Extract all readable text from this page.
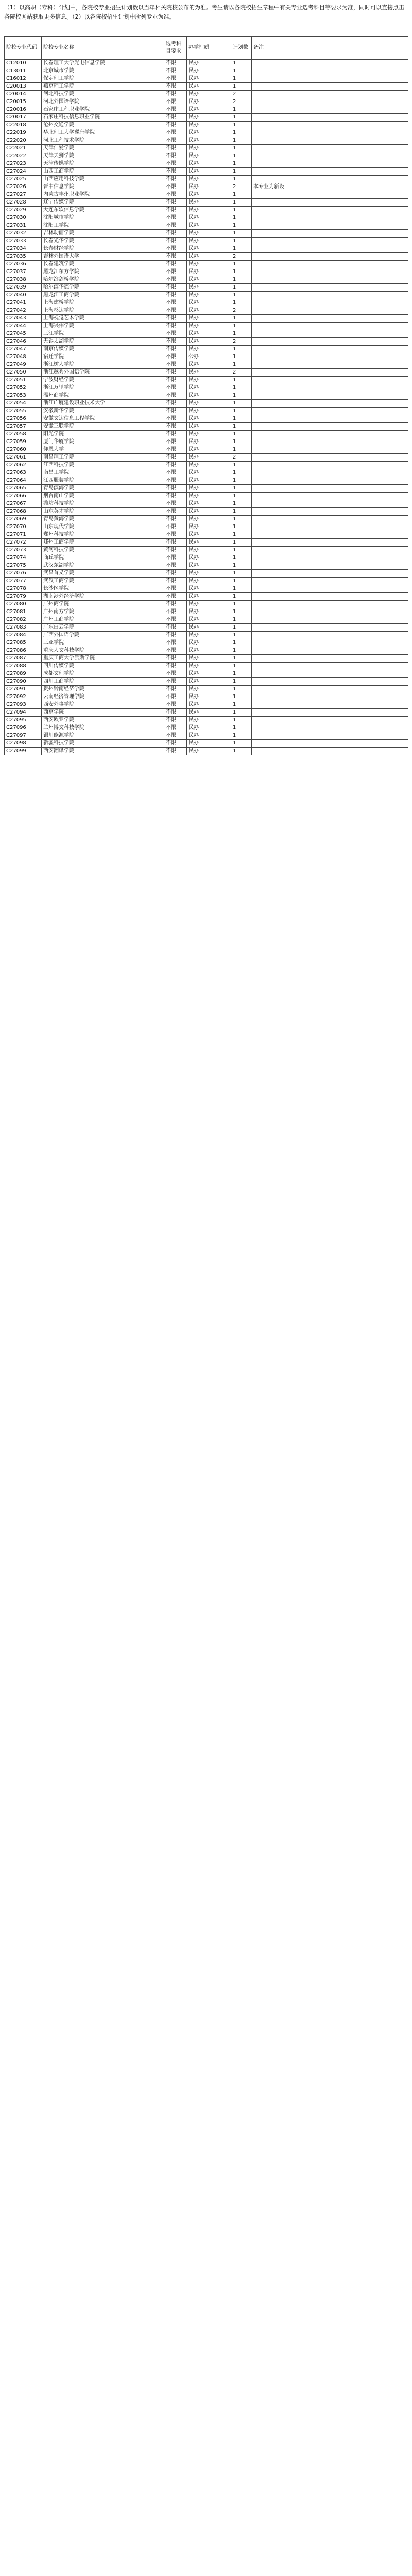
（1）以高职（专科）计划中，各院校专业招生计划数以当年相关院校公布的为准。考生请以各院校招生章程中有关专业选考科目等要求为准，同时可以直接点击各院校网站获取更多信息。（2）以各院校招生计划中所列专业为准。
院校专业代码	院校专业名称	选考科目要求	办学性质	计划数	备注
C12010	长春理工大学光电信息学院	不限	民办	1	
C13011	北京城市学院	不限	民办	1	
C16012	保定理工学院	不限	民办	1	
C20013	燕京理工学院	不限	民办	1	
C20014	河北科技学院	不限	民办	2	
C20015	河北外国语学院	不限	民办	2	
C20016	石家庄工程职业学院	不限	民办	1	
C20017	石家庄科技信息职业学院	不限	民办	1	
C22018	沧州交通学院	不限	民办	1	
C22019	华北理工大学冀唐学院	不限	民办	1	
C22020	河北工程技术学院	不限	民办	1	
C22021	天津仁爱学院	不限	民办	1	
C22022	天津天狮学院	不限	民办	1	
C27023	天津传媒学院	不限	民办	1	
C27024	山西工商学院	不限	民办	1	
C27025	山西应用科技学院	不限	民办	1	
C27026	晋中信息学院	不限	民办	2	本专业为新设
C27027	内蒙古丰州职业学院	不限	民办	1	
C27028	辽宁传媒学院	不限	民办	1	
C27029	大连东软信息学院	不限	民办	1	
C27030	沈阳城市学院	不限	民办	1	
C27031	沈阳工学院	不限	民办	1	
C27032	吉林动画学院	不限	民办	1	
C27033	长春光华学院	不限	民办	1	
C27034	长春财经学院	不限	民办	1	
C27035	吉林外国语大学	不限	民办	2	
C27036	长春建筑学院	不限	民办	1	
C27037	黑龙江东方学院	不限	民办	1	
C27038	哈尔滨剑桥学院	不限	民办	1	
C27039	哈尔滨华德学院	不限	民办	1	
C27040	黑龙江工商学院	不限	民办	1	
C27041	上海建桥学院	不限	民办	1	
C27042	上海杉达学院	不限	民办	2	
C27043	上海视觉艺术学院	不限	民办	1	
C27044	上海兴伟学院	不限	民办	1	
C27045	三江学院	不限	民办	1	
C27046	无锡太湖学院	不限	民办	2	
C27047	南京传媒学院	不限	民办	1	
C27048	宿迁学院	不限	公办	1	
C27049	浙江树人学院	不限	民办	1	
C27050	浙江越秀外国语学院	不限	民办	2	
C27051	宁波财经学院	不限	民办	1	
C27052	浙江万里学院	不限	民办	1	
C27053	温州商学院	不限	民办	1	
C27054	浙江广厦建设职业技术大学	不限	民办	1	
C27055	安徽新华学院	不限	民办	1	
C27056	安徽文达信息工程学院	不限	民办	1	
C27057	安徽三联学院	不限	民办	1	
C27058	阳光学院	不限	民办	1	
C27059	厦门华厦学院	不限	民办	1	
C27060	仰恩大学	不限	民办	1	
C27061	南昌理工学院	不限	民办	2	
C27062	江西科技学院	不限	民办	1	
C27063	南昌工学院	不限	民办	1	
C27064	江西服装学院	不限	民办	1	
C27065	青岛滨海学院	不限	民办	1	
C27066	烟台南山学院	不限	民办	1	
C27067	潍坊科技学院	不限	民办	1	
C27068	山东英才学院	不限	民办	1	
C27069	青岛黄海学院	不限	民办	1	
C27070	山东现代学院	不限	民办	1	
C27071	郑州科技学院	不限	民办	1	
C27072	郑州工商学院	不限	民办	1	
C27073	黄河科技学院	不限	民办	1	
C27074	商丘学院	不限	民办	1	
C27075	武汉东湖学院	不限	民办	1	
C27076	武昌首义学院	不限	民办	1	
C27077	武汉工商学院	不限	民办	1	
C27078	长沙医学院	不限	民办	1	
C27079	湖南涉外经济学院	不限	民办	1	
C27080	广州商学院	不限	民办	1	
C27081	广州南方学院	不限	民办	1	
C27082	广州工商学院	不限	民办	1	
C27083	广东白云学院	不限	民办	1	
C27084	广西外国语学院	不限	民办	1	
C27085	三亚学院	不限	民办	1	
C27086	重庆人文科技学院	不限	民办	1	
C27087	重庆工商大学派斯学院	不限	民办	1	
C27088	四川传媒学院	不限	民办	1	
C27089	成都文理学院	不限	民办	1	
C27090	四川工商学院	不限	民办	1	
C27091	贵州黔南经济学院	不限	民办	1	
C27092	云南经济管理学院	不限	民办	1	
C27093	西安外事学院	不限	民办	1	
C27094	西京学院	不限	民办	1	
C27095	西安欧亚学院	不限	民办	1	
C27096	兰州博文科技学院	不限	民办	1	
C27097	银川能源学院	不限	民办	1	
C27098	新疆科技学院	不限	民办	1	
C27099	西安翻译学院	不限	民办	1	
